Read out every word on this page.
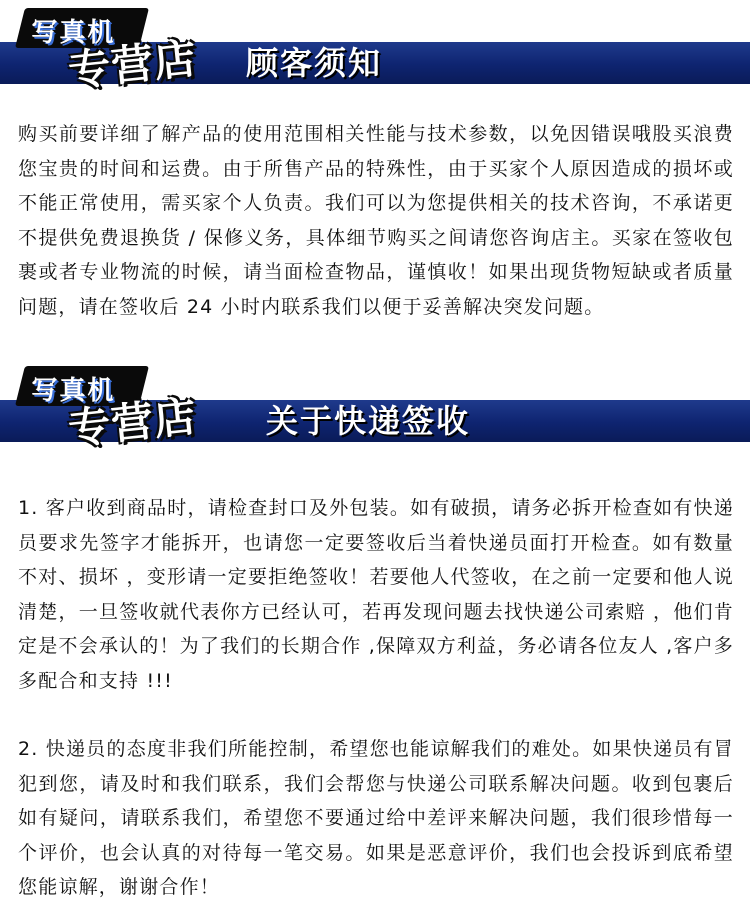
写真机
专营店 顾客须知

购买前要详细了解产品的使用范围相关性能与技术参数，以免因错误哦股买浪费您宝贵的时间和运费。由于所售产品的特殊性，由于买家个人原因造成的损坏或不能正常使用，需买家个人负责。我们可以为您提供相关的技术咨询，不承诺更不提供免费退换货 / 保修义务，具体细节购买之间请您咨询店主。买家在签收包裹或者专业物流的时候，请当面检查物品，谨慎收！如果出现货物短缺或者质量问题，请在签收后 24 小时内联系我们以便于妥善解决突发问题。

写真机
专营店 关于快递签收

1. 客户收到商品时，请检查封口及外包装。如有破损，请务必拆开检查如有快递员要求先签字才能拆开，也请您一定要签收后当着快递员面打开检查。如有数量不对、损坏 ，变形请一定要拒绝签收！若要他人代签收，在之前一定要和他人说清楚，一旦签收就代表你方已经认可，若再发现问题去找快递公司索赔 ，他们肯定是不会承认的！为了我们的长期合作 ,保障双方利益，务必请各位友人 ,客户多多配合和支持 !!!

2. 快递员的态度非我们所能控制，希望您也能谅解我们的难处。如果快递员有冒犯到您，请及时和我们联系，我们会帮您与快递公司联系解决问题。收到包裹后如有疑问，请联系我们，希望您不要通过给中差评来解决问题，我们很珍惜每一个评价，也会认真的对待每一笔交易。如果是恶意评价，我们也会投诉到底希望您能谅解，谢谢合作！
